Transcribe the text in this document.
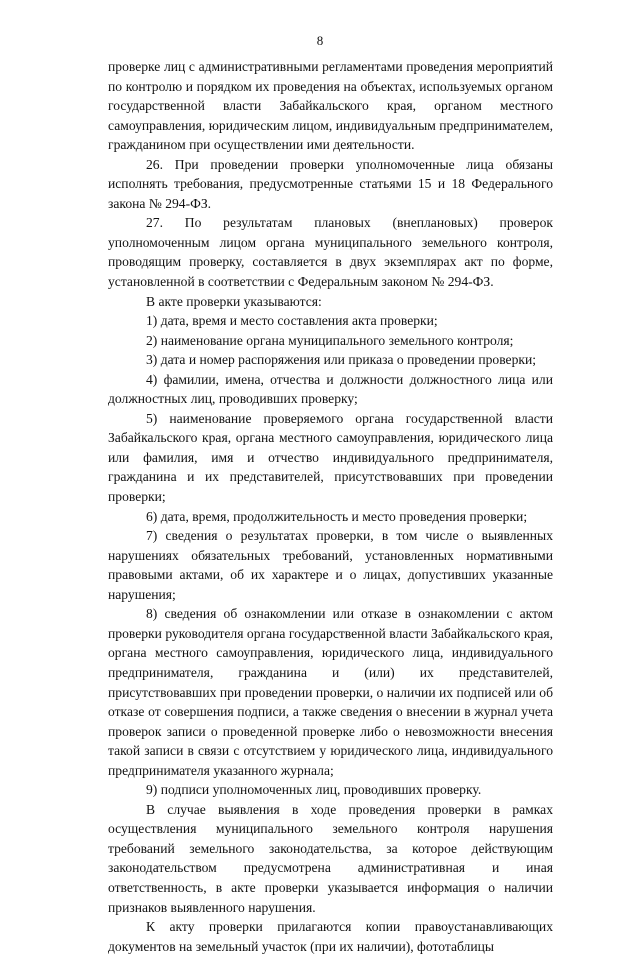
8

проверке лиц с административными регламентами проведения мероприятий по контролю и порядком их проведения на объектах, используемых органом государственной власти Забайкальского края, органом местного самоуправления, юридическим лицом, индивидуальным предпринимателем, гражданином при осуществлении ими деятельности.

26. При проведении проверки уполномоченные лица обязаны исполнять требования, предусмотренные статьями 15 и 18 Федерального закона № 294-ФЗ.

27. По результатам плановых (внеплановых) проверок уполномоченным лицом органа муниципального земельного контроля, проводящим проверку, составляется в двух экземплярах акт по форме, установленной в соответствии с Федеральным законом № 294-ФЗ.

В акте проверки указываются:

1) дата, время и место составления акта проверки;

2) наименование органа муниципального земельного контроля;

3) дата и номер распоряжения или приказа о проведении проверки;

4) фамилии, имена, отчества и должности должностного лица или должностных лиц, проводивших проверку;

5) наименование проверяемого органа государственной власти Забайкальского края, органа местного самоуправления, юридического лица или фамилия, имя и отчество индивидуального предпринимателя, гражданина и их представителей, присутствовавших при проведении проверки;

6) дата, время, продолжительность и место проведения проверки;

7) сведения о результатах проверки, в том числе о выявленных нарушениях обязательных требований, установленных нормативными правовыми актами, об их характере и о лицах, допустивших указанные нарушения;

8) сведения об ознакомлении или отказе в ознакомлении с актом проверки руководителя органа государственной власти Забайкальского края, органа местного самоуправления, юридического лица, индивидуального предпринимателя, гражданина и (или) их представителей, присутствовавших при проведении проверки, о наличии их подписей или об отказе от совершения подписи, а также сведения о внесении в журнал учета проверок записи о проведенной проверке либо о невозможности внесения такой записи в связи с отсутствием у юридического лица, индивидуального предпринимателя указанного журнала;

9) подписи уполномоченных лиц, проводивших проверку.

В случае выявления в ходе проведения проверки в рамках осуществления муниципального земельного контроля нарушения требований земельного законодательства, за которое действующим законодательством предусмотрена административная и иная ответственность, в акте проверки указывается информация о наличии признаков выявленного нарушения.

К акту проверки прилагаются копии правоустанавливающих документов на земельный участок (при их наличии), фототаблицы
